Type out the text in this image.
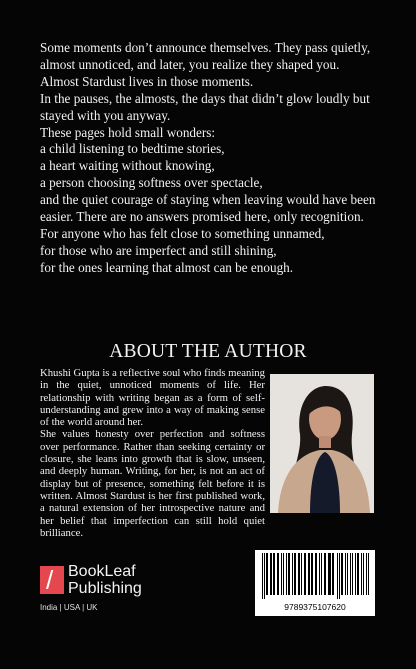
Some moments don’t announce themselves. They pass quietly, almost unnoticed, and later, you realize they shaped you.

Almost Stardust lives in those moments.

In the pauses, the almosts, the days that didn’t glow loudly but stayed with you anyway.

These pages hold small wonders:

a child listening to bedtime stories,

a heart waiting without knowing,

a person choosing softness over spectacle,

and the quiet courage of staying when leaving would have been easier. There are no answers promised here, only recognition.

For anyone who has felt close to something unnamed,

for those who are imperfect and still shining,

for the ones learning that almost can be enough.

ABOUT THE AUTHOR

Khushi Gupta is a reflective soul who finds meaning in the quiet, unnoticed moments of life. Her relationship with writing began as a form of self-understanding and grew into a way of making sense of the world around her.

She values honesty over perfection and softness over performance. Rather than seeking certainty or closure, she leans into growth that is slow, unseen, and deeply human. Writing, for her, is not an act of display but of presence, something felt before it is written. Almost Stardust is her first published work, a natural extension of her introspective nature and her belief that imperfection can still hold quiet brilliance.

/ BookLeaf Publishing
India | USA | UK	9789375107620
